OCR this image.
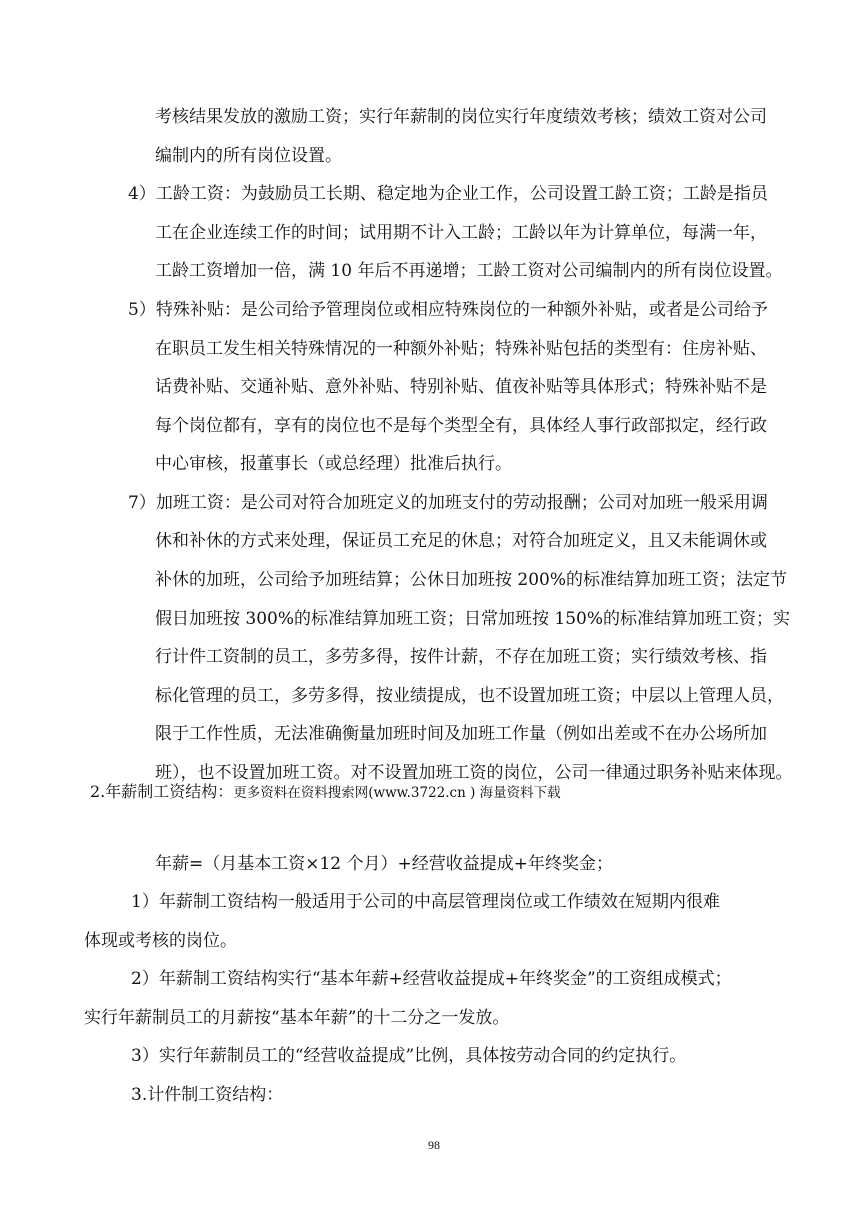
考核结果发放的激励工资；实行年薪制的岗位实行年度绩效考核；绩效工资对公司

编制内的所有岗位设置。

4）工龄工资：为鼓励员工长期、稳定地为企业工作，公司设置工龄工资；工龄是指员

工在企业连续工作的时间；试用期不计入工龄；工龄以年为计算单位，每满一年，

工龄工资增加一倍，满 10 年后不再递增；工龄工资对公司编制内的所有岗位设置。

5）特殊补贴：是公司给予管理岗位或相应特殊岗位的一种额外补贴，或者是公司给予

在职员工发生相关特殊情况的一种额外补贴；特殊补贴包括的类型有：住房补贴、

话费补贴、交通补贴、意外补贴、特别补贴、值夜补贴等具体形式；特殊补贴不是

每个岗位都有，享有的岗位也不是每个类型全有，具体经人事行政部拟定，经行政

中心审核，报董事长（或总经理）批准后执行。

7）加班工资：是公司对符合加班定义的加班支付的劳动报酬；公司对加班一般采用调

休和补休的方式来处理，保证员工充足的休息；对符合加班定义，且又未能调休或

补休的加班，公司给予加班结算；公休日加班按 200%的标准结算加班工资；法定节

假日加班按 300%的标准结算加班工资；日常加班按 150%的标准结算加班工资；实

行计件工资制的员工，多劳多得，按件计薪，不存在加班工资；实行绩效考核、指

标化管理的员工，多劳多得，按业绩提成，也不设置加班工资；中层以上管理人员，

限于工作性质，无法准确衡量加班时间及加班工作量（例如出差或不在办公场所加

班），也不设置加班工资。对不设置加班工资的岗位，公司一律通过职务补贴来体现。

2.年薪制工资结构：更多资料在资料搜索网(www.3722.cn ) 海量资料下载

年薪=（月基本工资×12 个月）+经营收益提成+年终奖金；

1）年薪制工资结构一般适用于公司的中高层管理岗位或工作绩效在短期内很难

体现或考核的岗位。

2）年薪制工资结构实行“基本年薪+经营收益提成+年终奖金”的工资组成模式；

实行年薪制员工的月薪按“基本年薪”的十二分之一发放。

3）实行年薪制员工的“经营收益提成”比例，具体按劳动合同的约定执行。

3.计件制工资结构：

98
